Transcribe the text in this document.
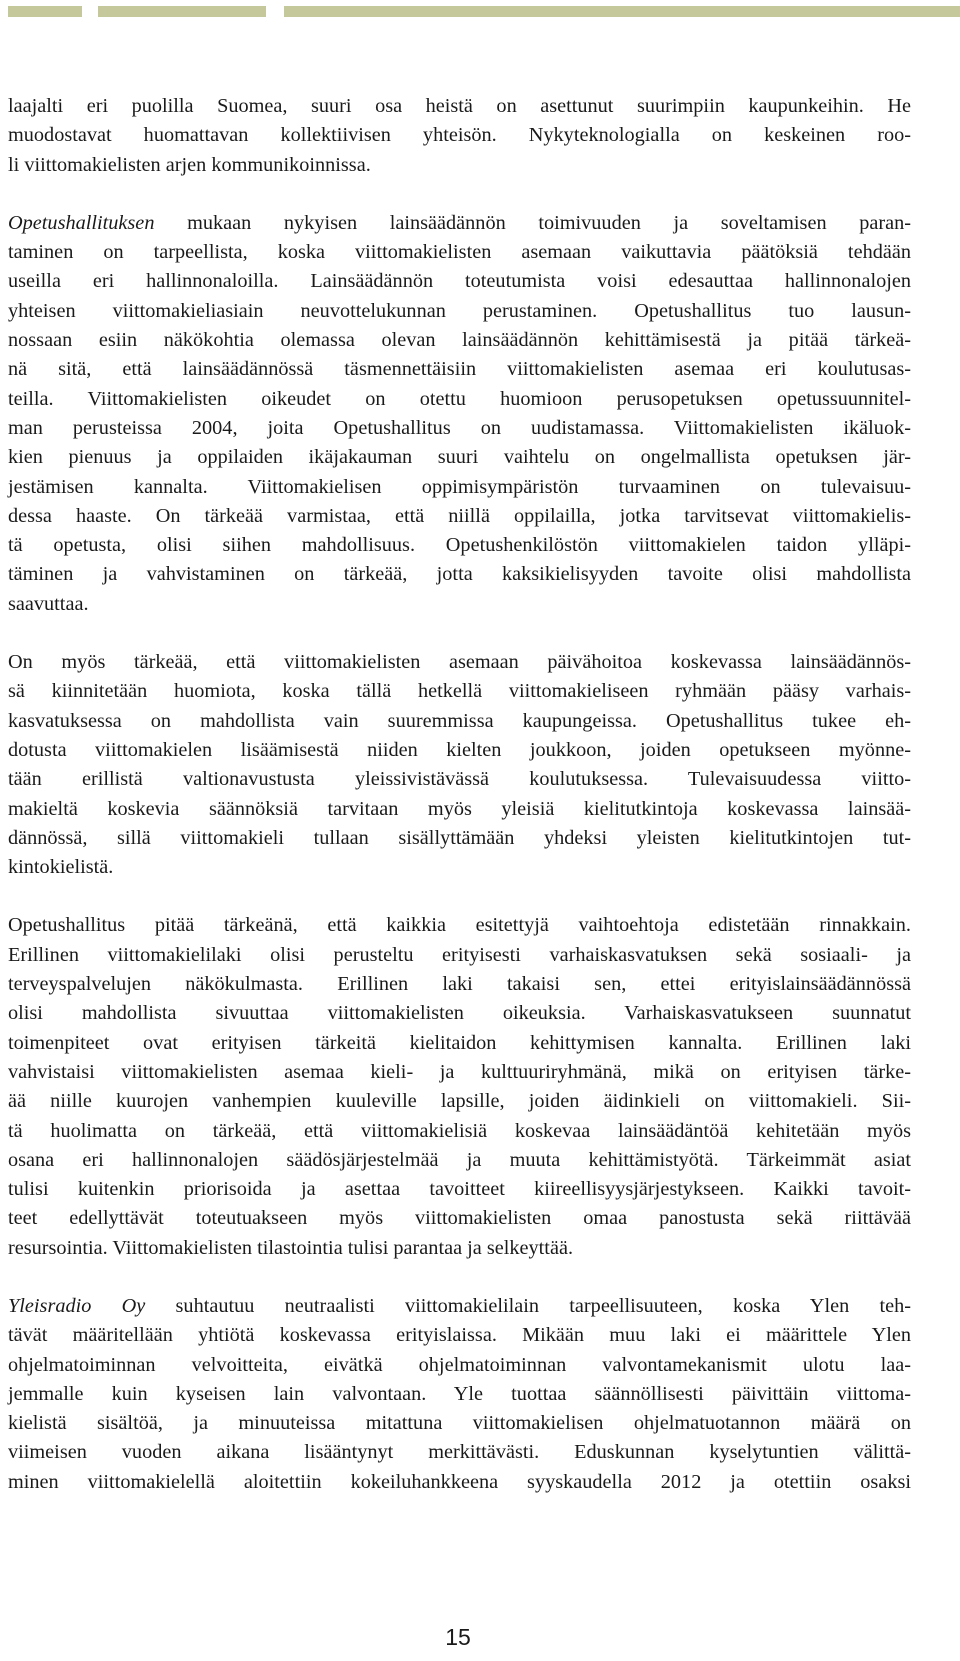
laajalti eri puolilla Suomea, suuri osa heistä on asettunut suurimpiin kaupunkeihin. He
muodostavat huomattavan kollektiivisen yhteisön. Nykyteknologialla on keskeinen roo-
li viittomakielisten arjen kommunikoinnissa.
Opetushallituksen mukaan nykyisen lainsäädännön toimivuuden ja soveltamisen paran-
taminen on tarpeellista, koska viittomakielisten asemaan vaikuttavia päätöksiä tehdään
useilla eri hallinnonaloilla. Lainsäädännön toteutumista voisi edesauttaa hallinnonalojen
yhteisen viittomakieliasiain neuvottelukunnan perustaminen. Opetushallitus tuo lausun-
nossaan esiin näkökohtia olemassa olevan lainsäädännön kehittämisestä ja pitää tärkeä-
nä sitä, että lainsäädännössä täsmennettäisiin viittomakielisten asemaa eri koulutusas-
teilla. Viittomakielisten oikeudet on otettu huomioon perusopetuksen opetussuunnitel-
man perusteissa 2004, joita Opetushallitus on uudistamassa. Viittomakielisten ikäluok-
kien pienuus ja oppilaiden ikäjakauman suuri vaihtelu on ongelmallista opetuksen jär-
jestämisen kannalta. Viittomakielisen oppimisympäristön turvaaminen on tulevaisuu-
dessa haaste. On tärkeää varmistaa, että niillä oppilailla, jotka tarvitsevat viittomakielis-
tä opetusta, olisi siihen mahdollisuus. Opetushenkilöstön viittomakielen taidon ylläpi-
täminen ja vahvistaminen on tärkeää, jotta kaksikielisyyden tavoite olisi mahdollista
saavuttaa.
On myös tärkeää, että viittomakielisten asemaan päivähoitoa koskevassa lainsäädännös-
sä kiinnitetään huomiota, koska tällä hetkellä viittomakieliseen ryhmään pääsy varhais-
kasvatuksessa on mahdollista vain suuremmissa kaupungeissa. Opetushallitus tukee eh-
dotusta viittomakielen lisäämisestä niiden kielten joukkoon, joiden opetukseen myönne-
tään erillistä valtionavustusta yleissivistävässä koulutuksessa. Tulevaisuudessa viitto-
makieltä koskevia säännöksiä tarvitaan myös yleisiä kielitutkintoja koskevassa lainsää-
dännössä, sillä viittomakieli tullaan sisällyttämään yhdeksi yleisten kielitutkintojen tut-
kintokielistä.
Opetushallitus pitää tärkeänä, että kaikkia esitettyjä vaihtoehtoja edistetään rinnakkain.
Erillinen viittomakielilaki olisi perusteltu erityisesti varhaiskasvatuksen sekä sosiaali- ja
terveyspalvelujen näkökulmasta. Erillinen laki takaisi sen, ettei erityislainsäädännössä
olisi mahdollista sivuuttaa viittomakielisten oikeuksia. Varhaiskasvatukseen suunnatut
toimenpiteet ovat erityisen tärkeitä kielitaidon kehittymisen kannalta. Erillinen laki
vahvistaisi viittomakielisten asemaa kieli- ja kulttuuriryhmänä, mikä on erityisen tärke-
ää niille kuurojen vanhempien kuuleville lapsille, joiden äidinkieli on viittomakieli. Sii-
tä huolimatta on tärkeää, että viittomakielisiä koskevaa lainsäädäntöä kehitetään myös
osana eri hallinnonalojen säädösjärjestelmää ja muuta kehittämistyötä. Tärkeimmät asiat
tulisi kuitenkin priorisoida ja asettaa tavoitteet kiireellisyysjärjestykseen. Kaikki tavoit-
teet edellyttävät toteutuakseen myös viittomakielisten omaa panostusta sekä riittävää
resursointia. Viittomakielisten tilastointia tulisi parantaa ja selkeyttää.
Yleisradio Oy suhtautuu neutraalisti viittomakielilain tarpeellisuuteen, koska Ylen teh-
tävät määritellään yhtiötä koskevassa erityislaissa. Mikään muu laki ei määrittele Ylen
ohjelmatoiminnan velvoitteita, eivätkä ohjelmatoiminnan valvontamekanismit ulotu laa-
jemmalle kuin kyseisen lain valvontaan. Yle tuottaa säännöllisesti päivittäin viittoma-
kielistä sisältöä, ja minuuteissa mitattuna viittomakielisen ohjelmatuotannon määrä on
viimeisen vuoden aikana lisääntynyt merkittävästi. Eduskunnan kyselytuntien välittä-
minen viittomakielellä aloitettiin kokeiluhankkeena syyskaudella 2012 ja otettiin osaksi
15
